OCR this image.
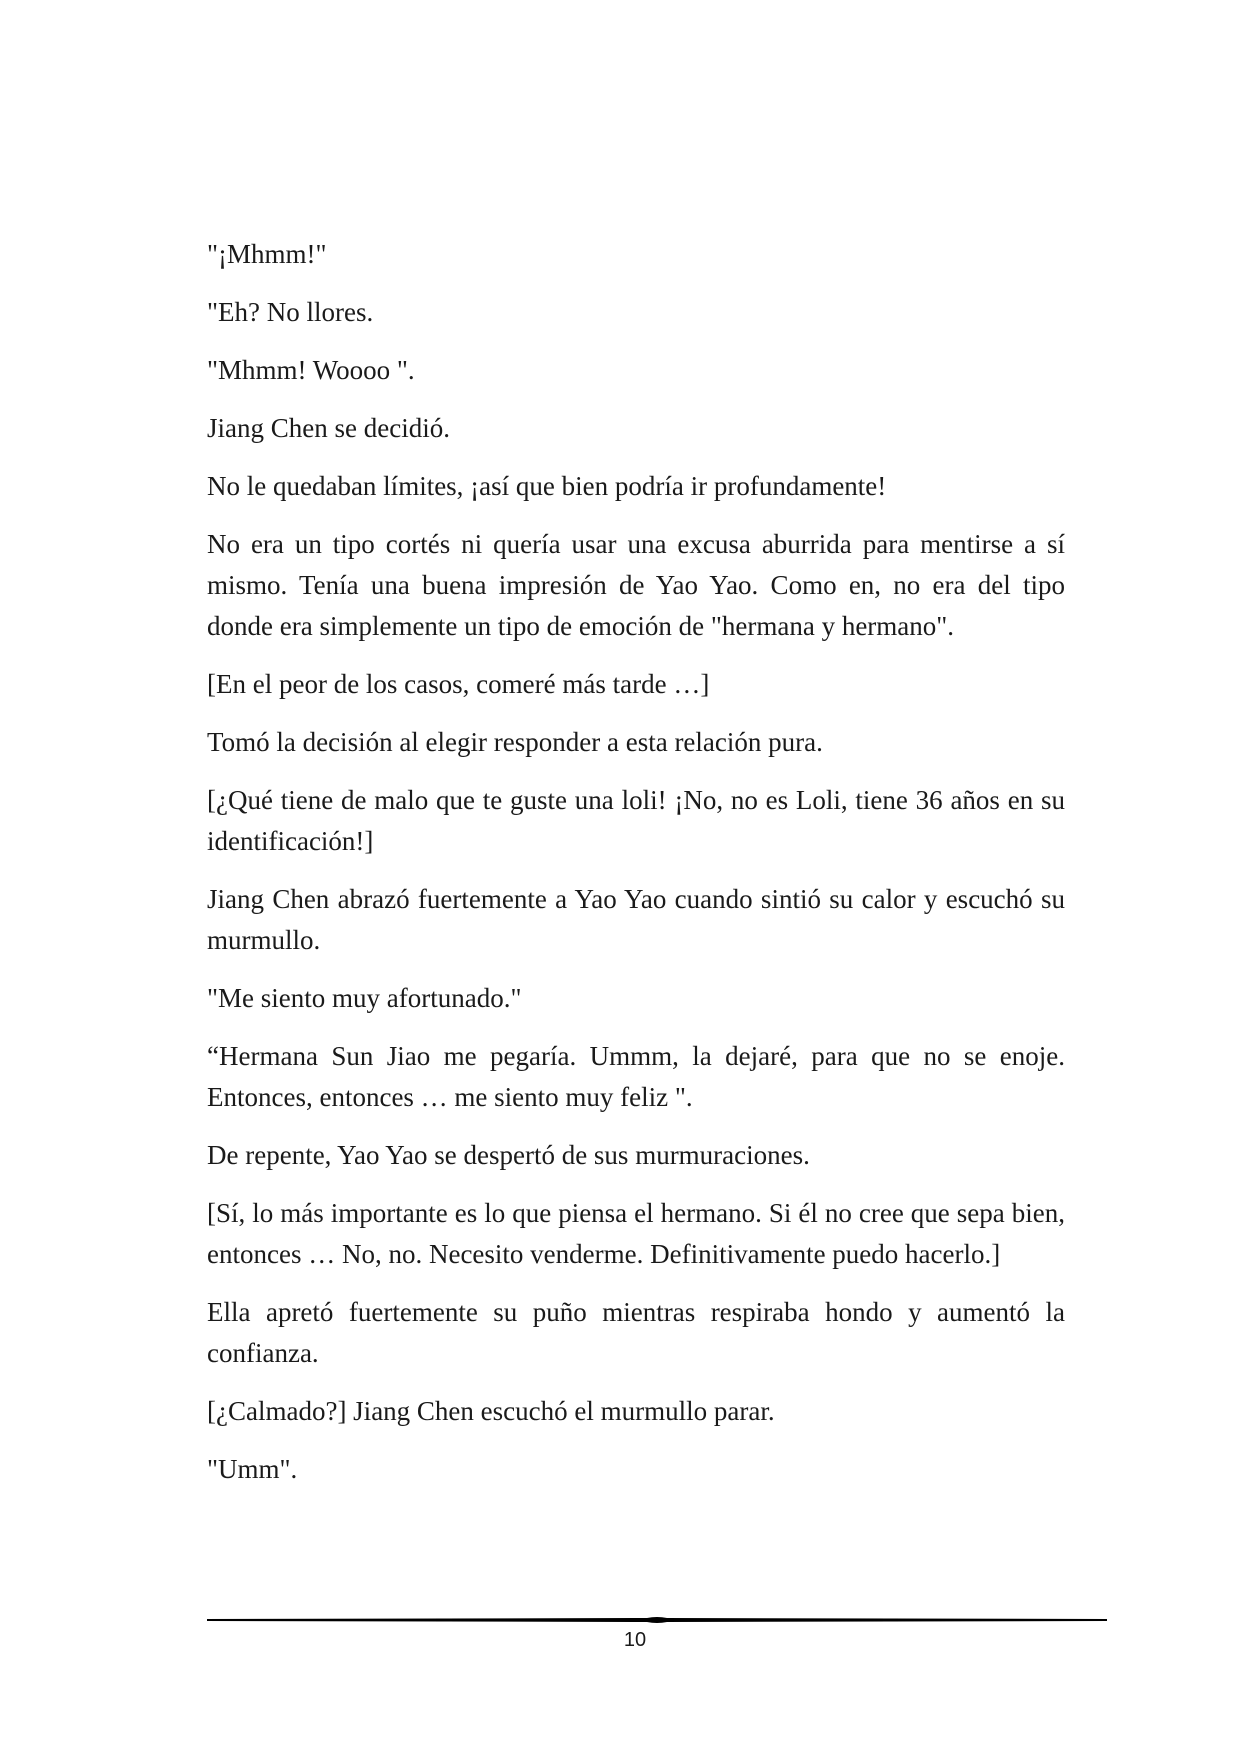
"¡Mhmm!"

"Eh? No llores.

"Mhmm! Woooo ".

Jiang Chen se decidió.

No le quedaban límites, ¡así que bien podría ir profundamente!

No era un tipo cortés ni quería usar una excusa aburrida para mentirse a sí mismo. Tenía una buena impresión de Yao Yao. Como en, no era del tipo donde era simplemente un tipo de emoción de "hermana y hermano".

[En el peor de los casos, comeré más tarde …]

Tomó la decisión al elegir responder a esta relación pura.

[¿Qué tiene de malo que te guste una loli! ¡No, no es Loli, tiene 36 años en su identificación!]

Jiang Chen abrazó fuertemente a Yao Yao cuando sintió su calor y escuchó su murmullo.

"Me siento muy afortunado."

“Hermana Sun Jiao me pegaría. Ummm, la dejaré, para que no se enoje. Entonces, entonces … me siento muy feliz ".

De repente, Yao Yao se despertó de sus murmuraciones.

[Sí, lo más importante es lo que piensa el hermano. Si él no cree que sepa bien, entonces … No, no. Necesito venderme. Definitivamente puedo hacerlo.]

Ella apretó fuertemente su puño mientras respiraba hondo y aumentó la confianza.

[¿Calmado?] Jiang Chen escuchó el murmullo parar.

"Umm".

10
